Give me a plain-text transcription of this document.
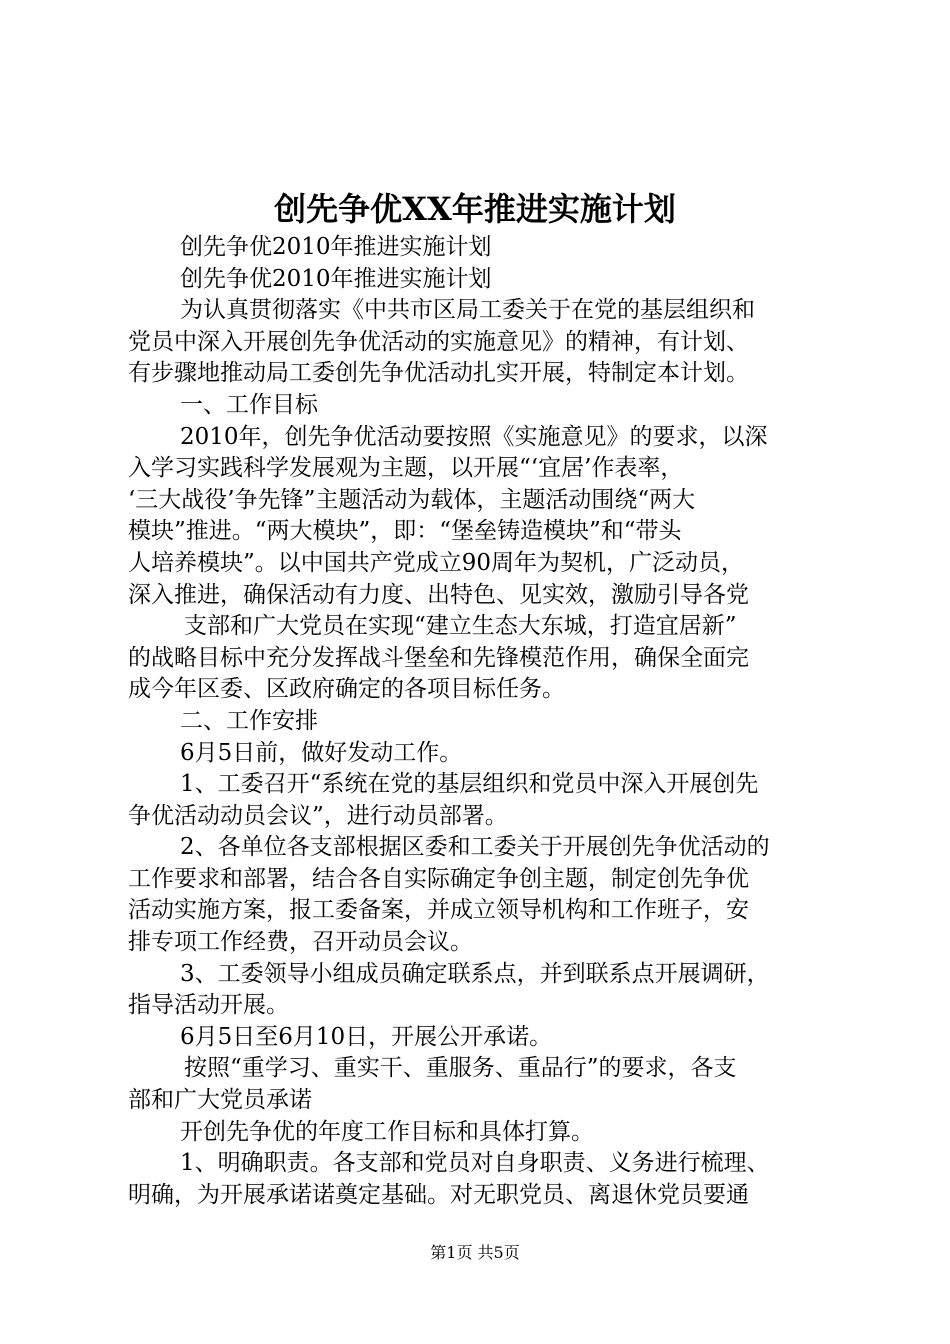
创先争优XX年推进实施计划
创先争优2010年推进实施计划
创先争优2010年推进实施计划
为认真贯彻落实《中共市区局工委关于在党的基层组织和
党员中深入开展创先争优活动的实施意见》的精神，有计划、
有步骤地推动局工委创先争优活动扎实开展，特制定本计划。
一、工作目标
2010年，创先争优活动要按照《实施意见》的要求，以深
入学习实践科学发展观为主题，以开展“‘宜居’作表率，
‘三大战役’争先锋”主题活动为载体，主题活动围绕“两大
模块”推进。“两大模块”，即：“堡垒铸造模块”和“带头
人培养模块”。以中国共产党成立90周年为契机，广泛动员，
深入推进，确保活动有力度、出特色、见实效，激励引导各党
支部和广大党员在实现“建立生态大东城，打造宜居新”
的战略目标中充分发挥战斗堡垒和先锋模范作用，确保全面完
成今年区委、区政府确定的各项目标任务。
二、工作安排
6月5日前，做好发动工作。
1、工委召开“系统在党的基层组织和党员中深入开展创先
争优活动动员会议”，进行动员部署。
2、各单位各支部根据区委和工委关于开展创先争优活动的
工作要求和部署，结合各自实际确定争创主题，制定创先争优
活动实施方案，报工委备案，并成立领导机构和工作班子，安
排专项工作经费，召开动员会议。
3、工委领导小组成员确定联系点，并到联系点开展调研，
指导活动开展。
6月5日至6月10日，开展公开承诺。
按照“重学习、重实干、重服务、重品行”的要求，各支
部和广大党员承诺
开创先争优的年度工作目标和具体打算。
1、明确职责。各支部和党员对自身职责、义务进行梳理、
明确，为开展承诺诺奠定基础。对无职党员、离退休党员要通
第1页 共5页
